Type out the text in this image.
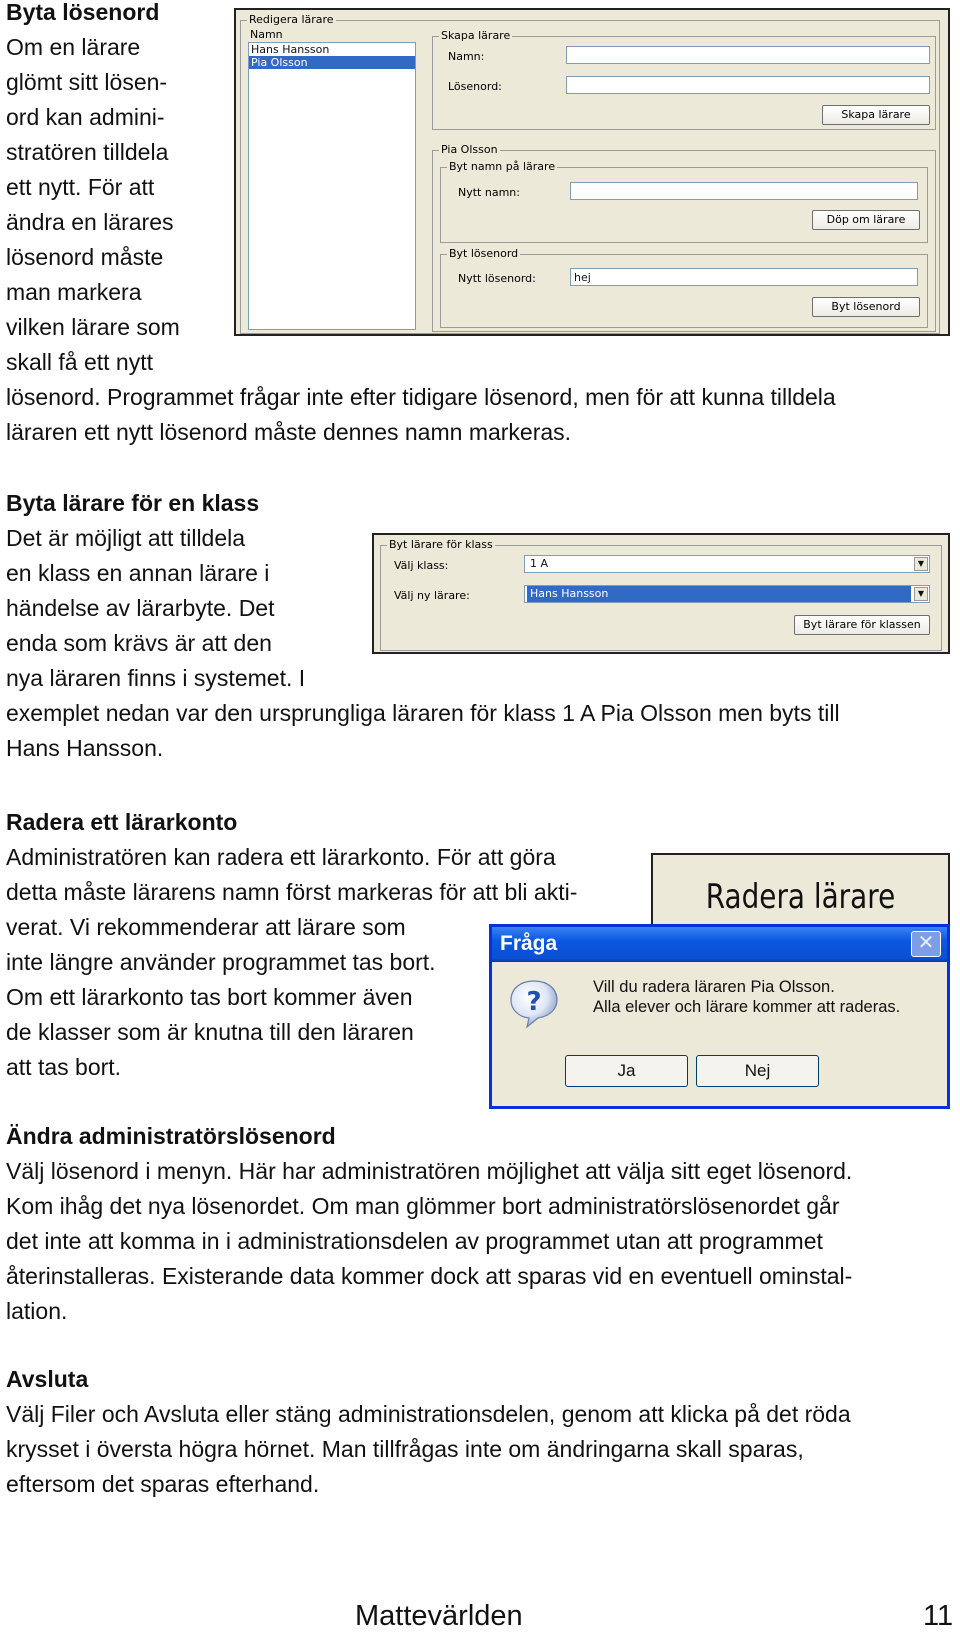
Byta lösenord
Om en lärare
glömt sitt lösen-
ord kan admini-
stratören tilldela
ett nytt. För att
ändra en lärares
lösenord måste
man markera
vilken lärare som
skall få ett nytt
lösenord. Programmet frågar inte efter tidigare lösenord, men för att kunna tilldela
läraren ett nytt lösenord måste dennes namn markeras.
Redigera lärare
Namn
Hans Hansson
Pia Olsson
Skapa lärare
Namn:
Lösenord:
Skapa lärare
Pia Olsson
Byt namn på lärare
Nytt namn:
Döp om lärare
Byt lösenord
Nytt lösenord:	hej
Byt lösenord
Byta lärare för en klass
Det är möjligt att tilldela
en klass en annan lärare i
händelse av lärarbyte. Det
enda som krävs är att den
nya läraren finns i systemet. I
exemplet nedan var den ursprungliga läraren för klass 1 A Pia Olsson men byts till
Hans Hansson.
Byt lärare för klass
Välj klass:	1 A	▼
Välj ny lärare:	Hans Hansson	▼
Byt lärare för klassen
Radera ett lärarkonto
Administratören kan radera ett lärarkonto. För att göra
detta måste lärarens namn först markeras för att bli akti-
verat. Vi rekommenderar att lärare som
inte längre använder programmet tas bort.
Om ett lärarkonto tas bort kommer även
de klasser som är knutna till den läraren
att tas bort.
Radera lärare
Fråga	✕
?	Vill du radera läraren Pia Olsson.
Alla elever och lärare kommer att raderas.
Ja	Nej
Ändra administratörslösenord
Välj lösenord i menyn. Här har administratören möjlighet att välja sitt eget lösenord.
Kom ihåg det nya lösenordet. Om man glömmer bort administratörslösenordet går
det inte att komma in i administrationsdelen av programmet utan att programmet
återinstalleras. Existerande data kommer dock att sparas vid en eventuell ominstal-
lation.
Avsluta
Välj Filer och Avsluta eller stäng administrationsdelen, genom att klicka på det röda
krysset i översta högra hörnet. Man tillfrågas inte om ändringarna skall sparas,
eftersom det sparas efterhand.
Mattevärlden	11
